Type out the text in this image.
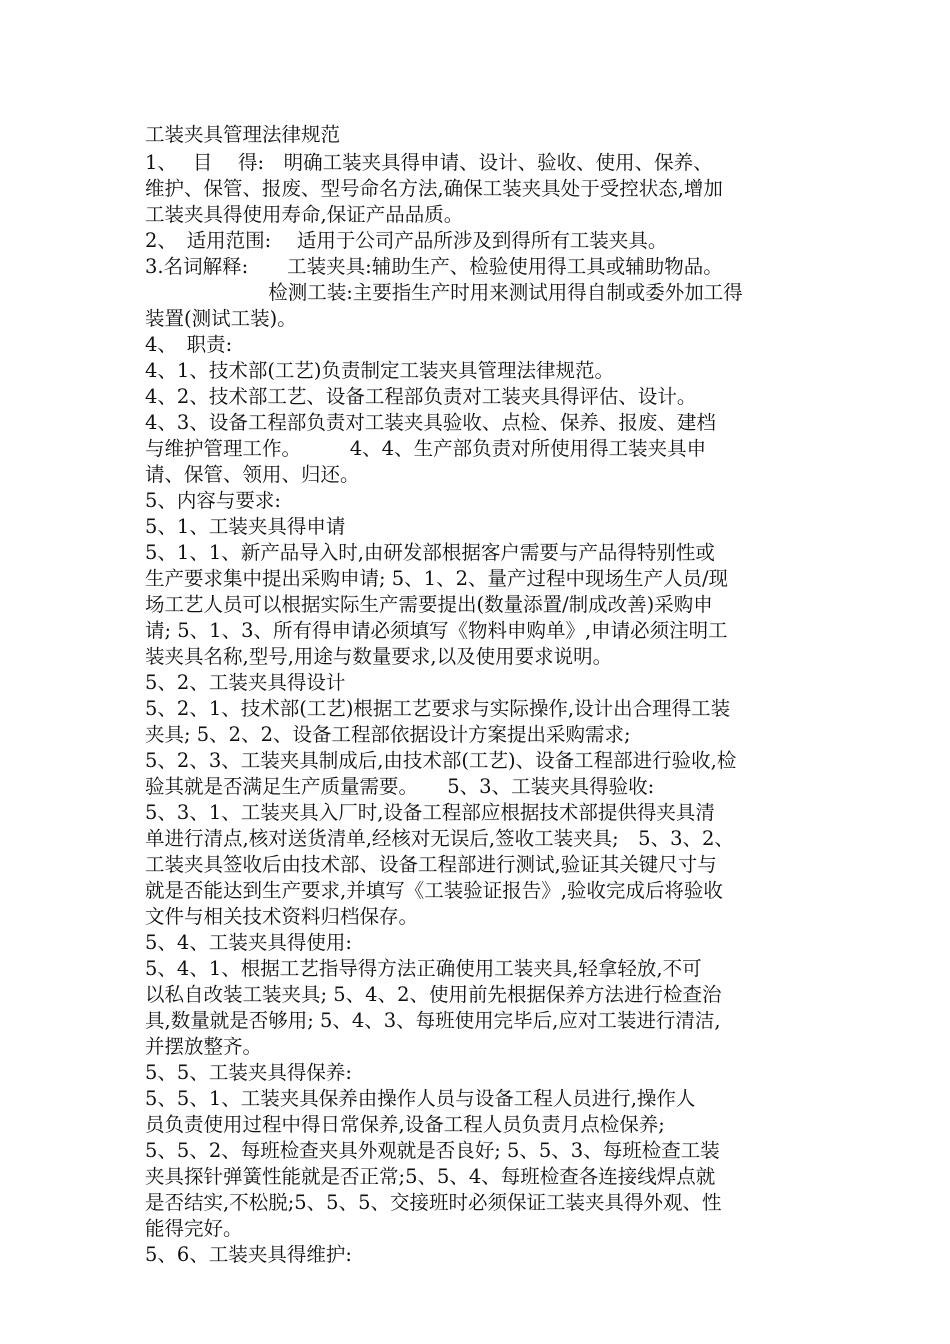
工装夹具管理法律规范
1、　 目　 得:　明确工装夹具得申请、设计、验收、使用、保养、
维护、保管、报废、型号命名方法,确保工装夹具处于受控状态,增加
工装夹具得使用寿命,保证产品品质。
2、　适用范围:　 适用于公司产品所涉及到得所有工装夹具。
3.名词解释:　　工装夹具:辅助生产、检验使用得工具或辅助物品。
　　　　　　 检测工装:主要指生产时用来测试用得自制或委外加工得
装置(测试工装)。
4、　职责:
4、1、技术部(工艺)负责制定工装夹具管理法律规范。
4、2、技术部工艺、设备工程部负责对工装夹具得评估、设计。
4、3、设备工程部负责对工装夹具验收、点检、保养、报废、建档
与维护管理工作。　　　4、4、生产部负责对所使用得工装夹具申
请、保管、领用、归还。
5、内容与要求:
5、1、工装夹具得申请
5、1、1、新产品导入时,由研发部根据客户需要与产品得特别性或
生产要求集中提出采购申请; 5、1、2、量产过程中现场生产人员/现
场工艺人员可以根据实际生产需要提出(数量添置/制成改善)采购申
请; 5、1、3、所有得申请必须填写《物料申购单》,申请必须注明工
装夹具名称,型号,用途与数量要求,以及使用要求说明。
5、2、工装夹具得设计
5、2、1、技术部(工艺)根据工艺要求与实际操作,设计出合理得工装
夹具; 5、2、2、设备工程部依据设计方案提出采购需求;
5、2、3、工装夹具制成后,由技术部(工艺)、设备工程部进行验收,检
验其就是否满足生产质量需要。　　5、3、工装夹具得验收:
5、3、1、工装夹具入厂时,设备工程部应根据技术部提供得夹具清
单进行清点,核对送货清单,经核对无误后,签收工装夹具;　5、3、2、
工装夹具签收后由技术部、设备工程部进行测试,验证其关键尺寸与
就是否能达到生产要求,并填写《工装验证报告》,验收完成后将验收
文件与相关技术资料归档保存。
5、4、工装夹具得使用:
5、4、1、根据工艺指导得方法正确使用工装夹具,轻拿轻放,不可
以私自改装工装夹具; 5、4、2、使用前先根据保养方法进行检查治
具,数量就是否够用; 5、4、3、每班使用完毕后,应对工装进行清洁,
并摆放整齐。
5、5、工装夹具得保养:
5、5、1、工装夹具保养由操作人员与设备工程人员进行,操作人
员负责使用过程中得日常保养,设备工程人员负责月点检保养;
5、5、2、每班检查夹具外观就是否良好; 5、5、3、每班检查工装
夹具探针弹簧性能就是否正常;5、5、4、每班检查各连接线焊点就
是否结实,不松脱;5、5、5、交接班时必须保证工装夹具得外观、性
能得完好。
5、6、工装夹具得维护:
